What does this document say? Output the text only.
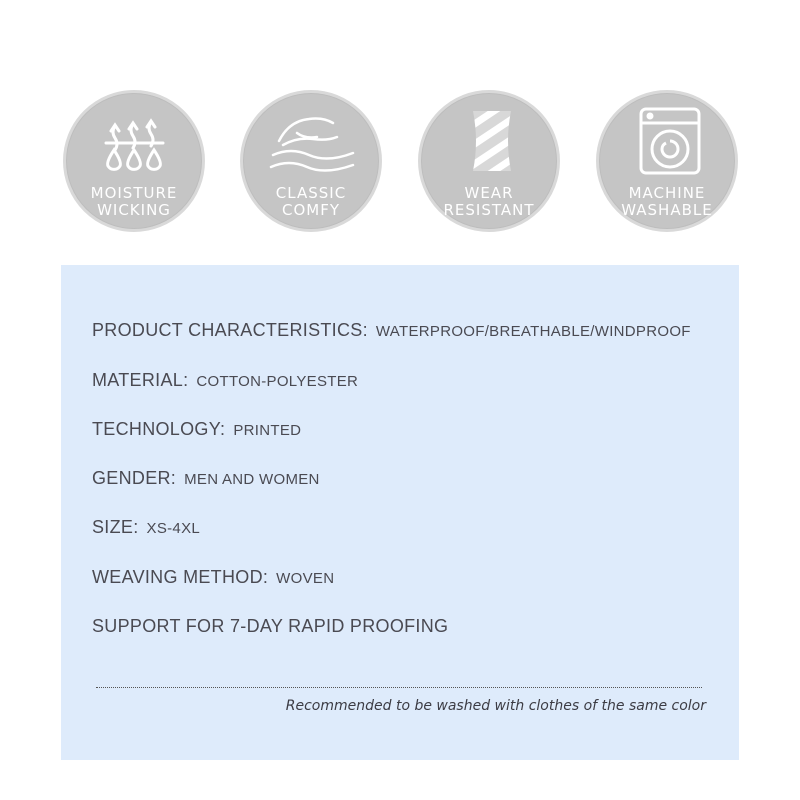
MOISTURE
WICKING
CLASSIC
COMFY
WEAR
RESISTANT
MACHINE
WASHABLE
PRODUCT CHARACTERISTICS: WATERPROOF/BREATHABLE/WINDPROOF
MATERIAL: COTTON-POLYESTER
TECHNOLOGY: PRINTED
GENDER: MEN AND WOMEN
SIZE: XS-4XL
WEAVING METHOD: WOVEN
SUPPORT FOR 7-DAY RAPID PROOFING
Recommended to be washed with clothes of the same color
